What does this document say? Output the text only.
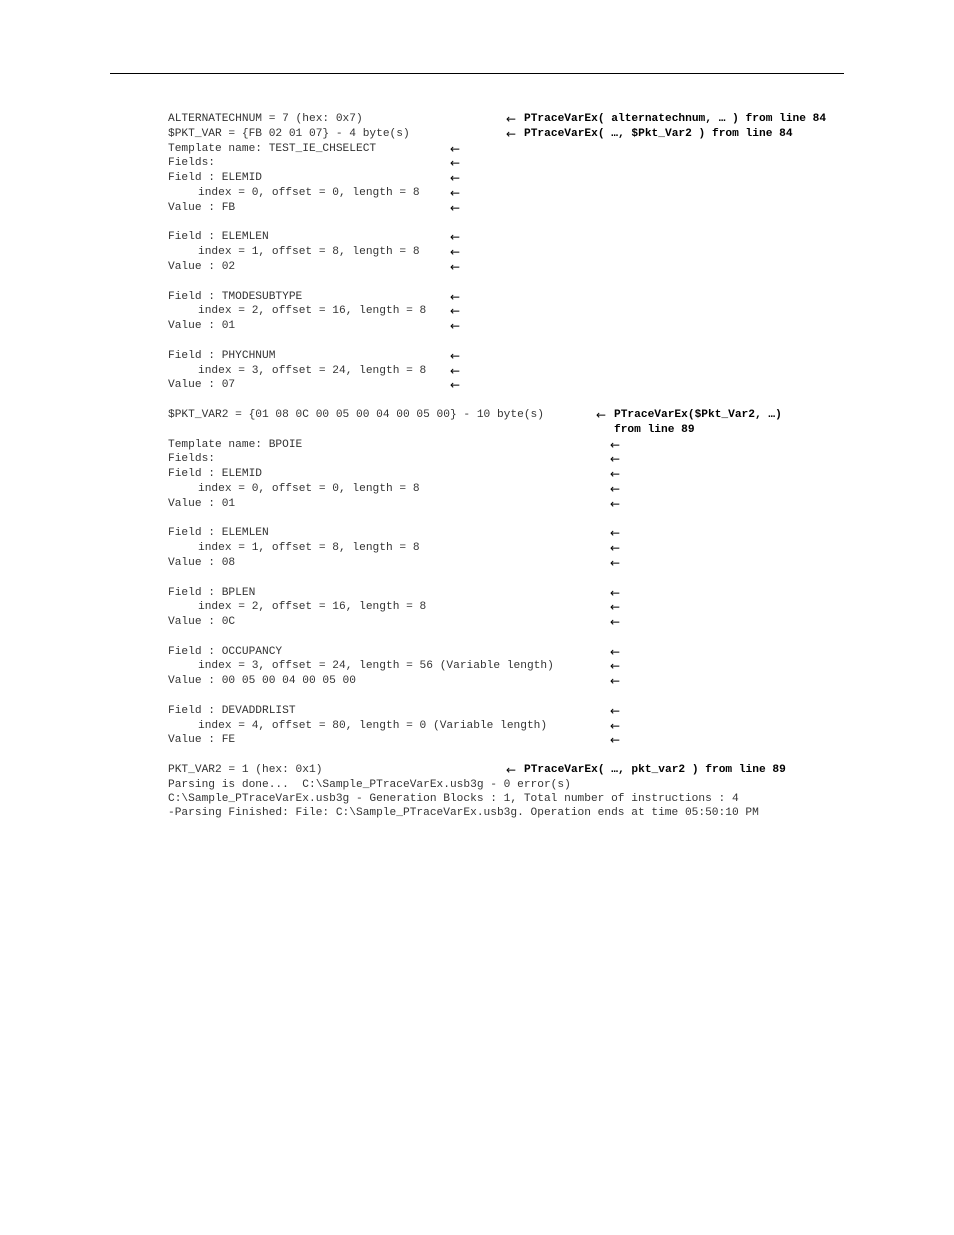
ALTERNATECHNUM = 7 (hex: 0x7)

	← PTraceVarEx( alternatechnum, … ) from line 84

$PKT_VAR = {FB 02 01 07} - 4 byte(s)

	← PTraceVarEx( …, $Pkt_Var2 ) from line 84

Template name: TEST_IE_CHSELECT

	←

Fields:

	←

Field : ELEMID	←
index = 0, offset = 0, length = 8	←
Value : FB	←
Field : ELEMLEN	←
index = 1, offset = 8, length = 8	←
Value : 02	←
Field : TMODESUBTYPE	←
index = 2, offset = 16, length = 8 ←
Value : 01	←
Field : PHYCHNUM	←
index = 3, offset = 24, length = 8 ←
Value : 07	←

$PKT_VAR2 = {01 08 0C 00 05 00 04 00 05 00} - 10 byte(s)

	← PTraceVarEx($Pkt_Var2, …)

from line 89

Template name: BPOIE

	←

Fields:

	←

Field : ELEMID	←
index = 0, offset = 0, length = 8	←
Value : 01	←
Field : ELEMLEN	←
index = 1, offset = 8, length = 8	←
Value : 08	←
Field : BPLEN	←
index = 2, offset = 16, length = 8	←
Value : 0C	←
Field : OCCUPANCY	←
index = 3, offset = 24, length = 56 (Variable length)	←
Value : 00 05 00 04 00 05 00	←
Field : DEVADDRLIST	←
index = 4, offset = 80, length = 0 (Variable length)	←
Value : FE	←

PKT_VAR2 = 1 (hex: 0x1)

	← PTraceVarEx( …, pkt_var2 ) from line 89

Parsing is done...  C:\Sample_PTraceVarEx.usb3g - 0 error(s)
C:\Sample_PTraceVarEx.usb3g - Generation Blocks : 1, Total number of instructions : 4
-Parsing Finished: File: C:\Sample_PTraceVarEx.usb3g. Operation ends at time 05:50:10 PM
